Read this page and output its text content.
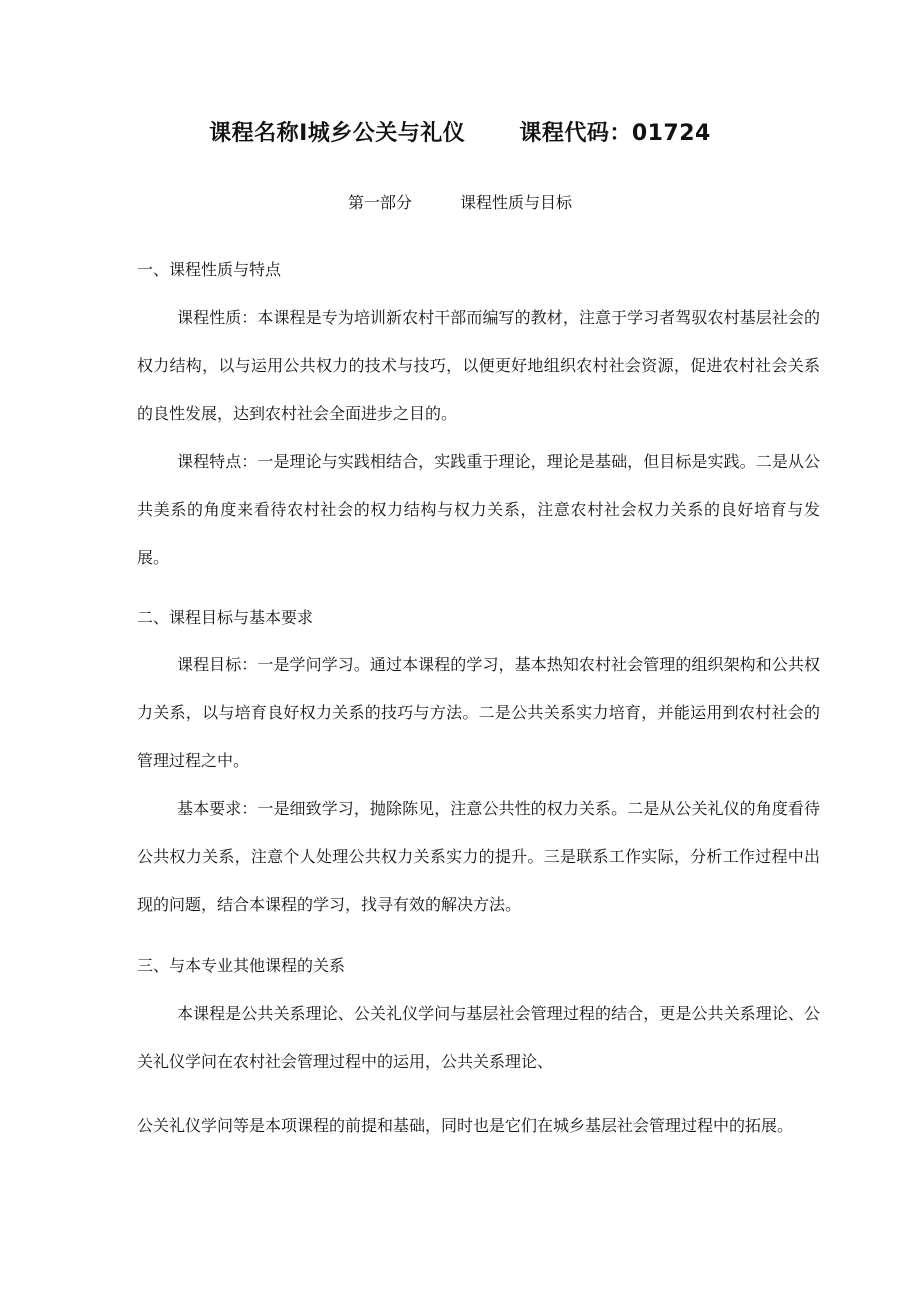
课程名称I城乡公关与礼仪 课程代码：01724
第一部分	课程性质与目标
一、课程性质与特点
课程性质：本课程是专为培训新农村干部而编写的教材，注意于学习者驾驭农村基层社会的权力结构，以与运用公共权力的技术与技巧，以便更好地组织农村社会资源，促进农村社会关系的良性发展，达到农村社会全面进步之目的。
课程特点：一是理论与实践相结合，实践重于理论，理论是基础，但目标是实践。二是从公共美系的角度来看待农村社会的权力结构与权力关系，注意农村社会权力关系的良好培育与发展。
二、课程目标与基本要求
课程目标：一是学问学习。通过本课程的学习，基本热知农村社会管理的组织架构和公共权力关系，以与培育良好权力关系的技巧与方法。二是公共关系实力培育，并能运用到农村社会的管理过程之中。
基本要求：一是细致学习，抛除陈见，注意公共性的权力关系。二是从公关礼仪的角度看待公共权力关系，注意个人处理公共权力关系实力的提升。三是联系工作实际，分析工作过程中出现的问题，结合本课程的学习，找寻有效的解决方法。
三、与本专业其他课程的关系
本课程是公共关系理论、公关礼仪学问与基层社会管理过程的结合，更是公共关系理论、公关礼仪学问在农村社会管理过程中的运用，公共关系理论、
公关礼仪学问等是本项课程的前提和基础，同时也是它们在城乡基层社会管理过程中的拓展。
